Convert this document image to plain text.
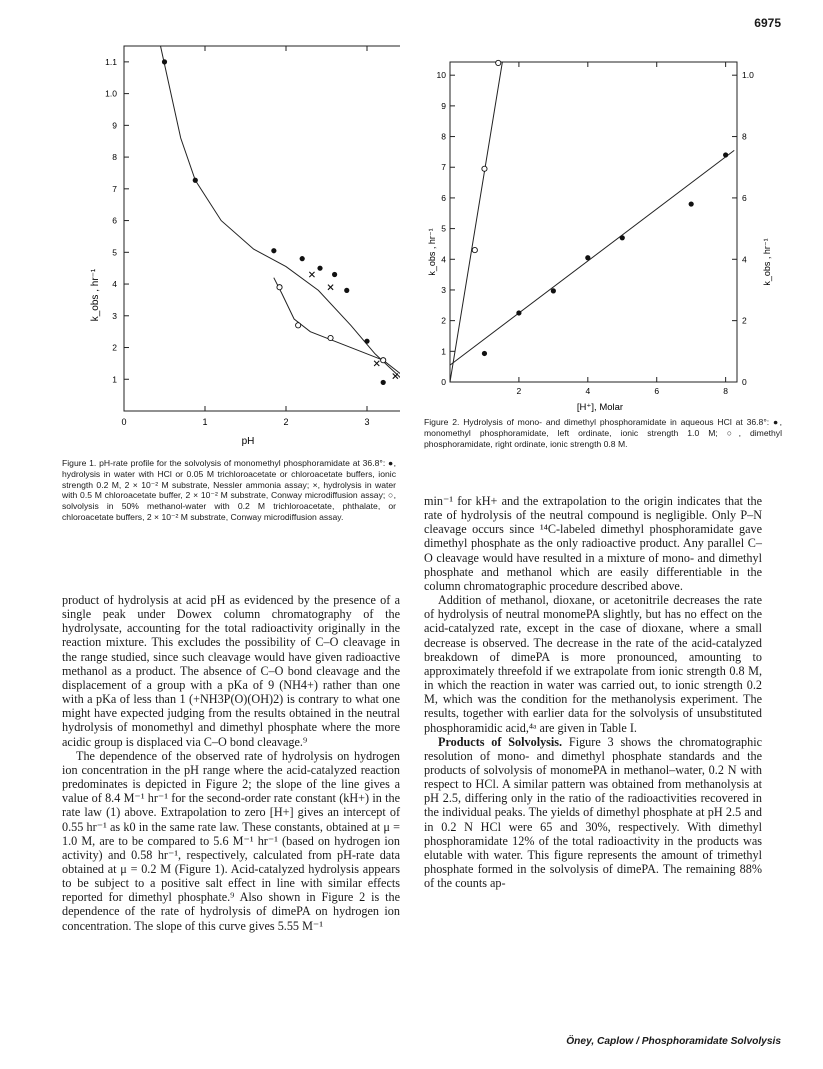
6975
1.1
1.0
9
8
7
6
5
4
3
2
1
0	1	2	3
k_obs , hr⁻¹
pH
Figure 1. pH-rate profile for the solvolysis of monomethyl phosphoramidate at 36.8°: ●, hydrolysis in water with HCl or 0.05 M trichloroacetate or chloroacetate buffers, ionic strength 0.2 M, 2 × 10⁻² M substrate, Nessler ammonia assay; ×, hydrolysis in water with 0.5 M chloroacetate buffer, 2 × 10⁻² M substrate, Conway microdiffusion assay; ○, solvolysis in 50% methanol-water with 0.2 M trichloroacetate, phthalate, or chloroacetate buffers, 2 × 10⁻² M substrate, Conway microdiffusion assay.
10
9
8
7
6
5
4
3
2
1
1.0
8
6
4
2
0
2	4	6	8
0
k_obs , hr⁻¹	k_obs , hr⁻¹
[H⁺], Molar
Figure 2. Hydrolysis of mono- and dimethyl phosphoramidate in aqueous HCl at 36.8°: ●, monomethyl phosphoramidate, left ordinate, ionic strength 1.0 M; ○, dimethyl phosphoramidate, right ordinate, ionic strength 0.8 M.

product of hydrolysis at acid pH as evidenced by the presence of a single peak under Dowex column chromatography of the hydrolysate, accounting for the total radioactivity originally in the reaction mixture. This excludes the possibility of C–O cleavage in the range studied, since such cleavage would have given radioactive methanol as a product. The absence of C–O bond cleavage and the displacement of a group with a pKa of 9 (NH4+) rather than one with a pKa of less than 1 (+NH3P(O)(OH)2) is contrary to what one might have expected judging from the results obtained in the neutral hydrolysis of monomethyl and dimethyl phosphate where the more acidic group is displaced via C–O bond cleavage.⁹

The dependence of the observed rate of hydrolysis on hydrogen ion concentration in the pH range where the acid-catalyzed reaction predominates is depicted in Figure 2; the slope of the line gives a value of 8.4 M⁻¹ hr⁻¹ for the second-order rate constant (kH+) in the rate law (1) above. Extrapolation to zero [H+] gives an intercept of 0.55 hr⁻¹ as k0 in the same rate law. These constants, obtained at μ = 1.0 M, are to be compared to 5.6 M⁻¹ hr⁻¹ (based on hydrogen ion activity) and 0.58 hr⁻¹, respectively, calculated from pH-rate data obtained at μ = 0.2 M (Figure 1). Acid-catalyzed hydrolysis appears to be subject to a positive salt effect in line with similar effects reported for dimethyl phosphate.⁹ Also shown in Figure 2 is the dependence of the rate of hydrolysis of dimePA on hydrogen ion concentration. The slope of this curve gives 5.55 M⁻¹

min⁻¹ for kH+ and the extrapolation to the origin indicates that the rate of hydrolysis of the neutral compound is negligible. Only P–N cleavage occurs since ¹⁴C-labeled dimethyl phosphoramidate gave dimethyl phosphate as the only radioactive product. Any parallel C–O cleavage would have resulted in a mixture of mono- and dimethyl phosphate and methanol which are easily differentiable in the column chromatographic procedure described above.

Addition of methanol, dioxane, or acetonitrile decreases the rate of hydrolysis of neutral monomePA slightly, but has no effect on the acid-catalyzed rate, except in the case of dioxane, where a small decrease is observed. The decrease in the rate of the acid-catalyzed breakdown of dimePA is more pronounced, amounting to approximately threefold if we extrapolate from ionic strength 0.8 M, in which the reaction in water was carried out, to ionic strength 0.2 M, which was the condition for the methanolysis experiment. The results, together with earlier data for the solvolysis of unsubstituted phosphoramidic acid,⁴ᵃ are given in Table I.

Products of Solvolysis. Figure 3 shows the chromatographic resolution of mono- and dimethyl phosphate standards and the products of solvolysis of monomePA in methanol–water, 0.2 N with respect to HCl. A similar pattern was obtained from methanolysis at pH 2.5, differing only in the ratio of the radioactivities recovered in the individual peaks. The yields of dimethyl phosphate at pH 2.5 and in 0.2 N HCl were 65 and 30%, respectively. With dimethyl phosphoramidate 12% of the total radioactivity in the products was elutable with water. This figure represents the amount of trimethyl phosphate formed in the solvolysis of dimePA. The remaining 88% of the counts ap-

Öney, Caplow / Phosphoramidate Solvolysis
